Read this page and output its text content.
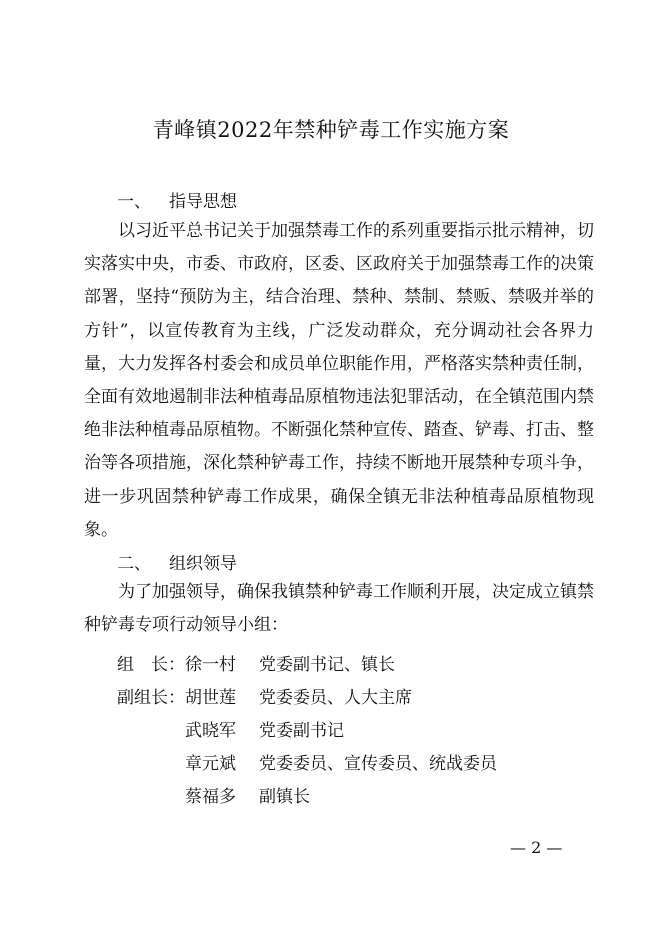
青峰镇2022年禁种铲毒工作实施方案
一、 指导思想

以习近平总书记关于加强禁毒工作的系列重要指示批示精神，切实落实中央，市委、市政府，区委、区政府关于加强禁毒工作的决策部署，坚持“预防为主，结合治理、禁种、禁制、禁贩、禁吸并举的方针”，以宣传教育为主线，广泛发动群众，充分调动社会各界力量，大力发挥各村委会和成员单位职能作用，严格落实禁种责任制，全面有效地遏制非法种植毒品原植物违法犯罪活动，在全镇范围内禁绝非法种植毒品原植物。不断强化禁种宣传、踏查、铲毒、打击、整治等各项措施，深化禁种铲毒工作，持续不断地开展禁种专项斗争，进一步巩固禁种铲毒工作成果，确保全镇无非法种植毒品原植物现象。

二、 组织领导

为了加强领导，确保我镇禁种铲毒工作顺利开展，决定成立镇禁种铲毒专项行动领导小组：

组　长：徐一村 党委副书记、镇长
副组长：胡世莲 党委委员、人大主席
武晓军 党委副书记
章元斌 党委委员、宣传委员、统战委员
蔡福多 副镇长
— 2 —
